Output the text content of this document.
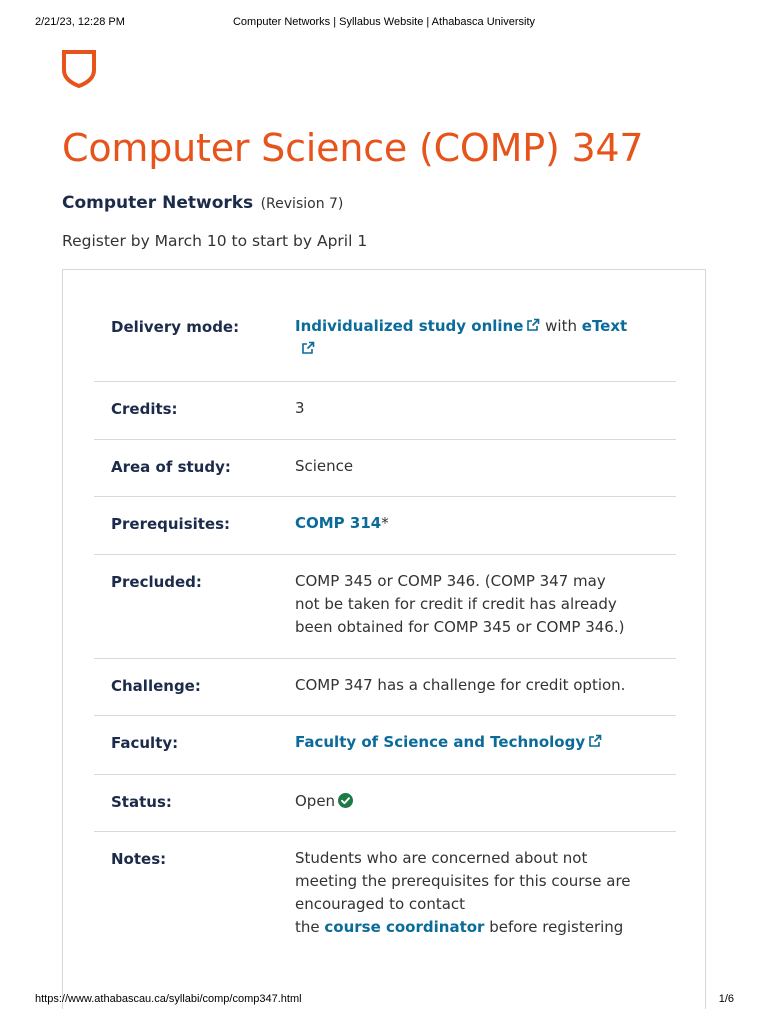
2/21/23, 12:28 PM	Computer Networks | Syllabus Website | Athabasca University
Computer Science (COMP) 347
Computer Networks (Revision 7)
Register by March 10 to start by April 1
Delivery mode:	Individualized study online with eText

Credits:	3
Area of study:	Science
Prerequisites:	COMP 314*
Precluded:	COMP 345 or COMP 346. (COMP 347 may
not be taken for credit if credit has already
been obtained for COMP 345 or COMP 346.)
Challenge:	COMP 347 has a challenge for credit option.
Faculty:	Faculty of Science and Technology
Status:	Open
Notes:	Students who are concerned about not
meeting the prerequisites for this course are
encouraged to contact
the course coordinator before registering
https://www.athabascau.ca/syllabi/comp/comp347.html	1/6
